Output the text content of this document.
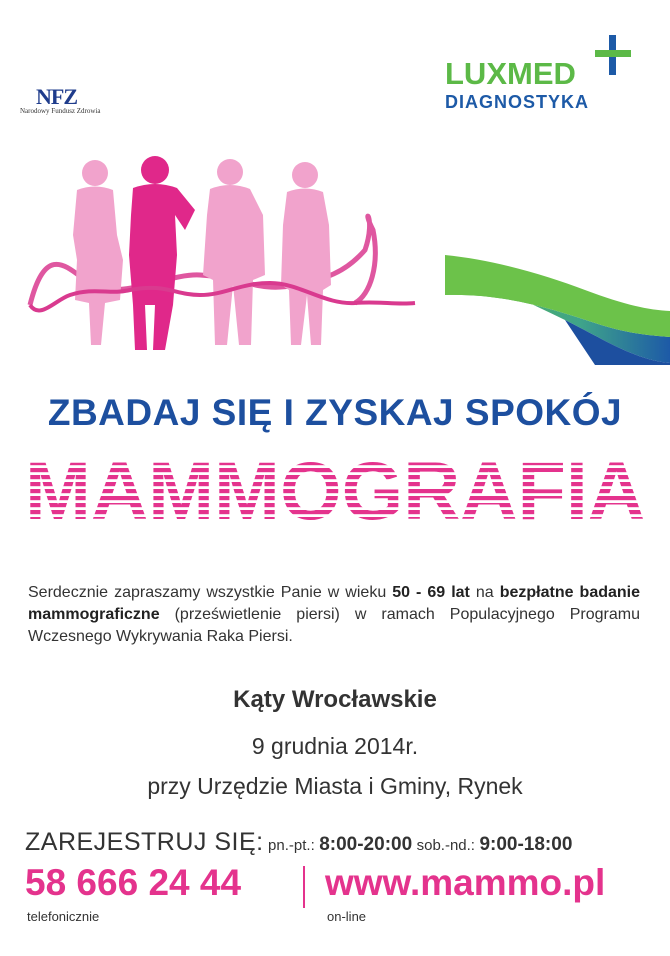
NFZ
Narodowy Fundusz Zdrowia
LUXMED
DIAGNOSTYKA
ZBADAJ SIĘ I ZYSKAJ SPOKÓJ
MAMMOGRAFIA

Serdecznie zapraszamy wszystkie Panie w wieku 50 - 69 lat na bezpłatne badanie mammograficzne (prześwietlenie piersi) w ramach Populacyjnego Programu Wczesnego Wykrywania Raka Piersi.

Kąty Wrocławskie

9 grudnia 2014r.

przy Urzędzie Miasta i Gminy, Rynek

ZAREJESTRUJ SIĘ: pn.-pt.: 8:00-20:00 sob.-nd.: 9:00-18:00
58 666 24 44 www.mammo.pl
telefonicznie	on-line
